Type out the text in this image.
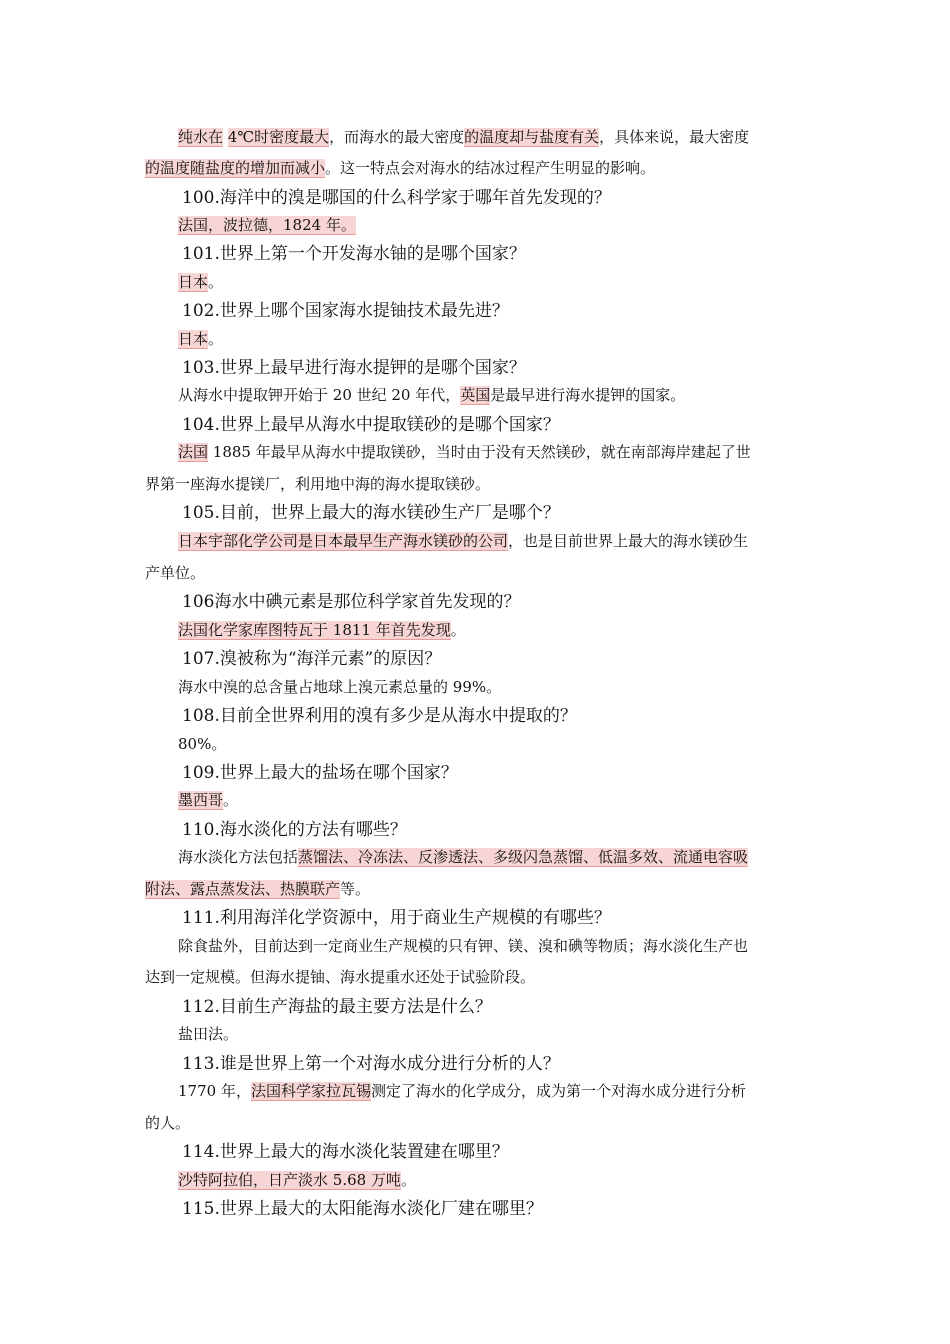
纯水在 4℃时密度最大，而海水的最大密度的温度却与盐度有关，具体来说，最大密度
的温度随盐度的增加而减小。这一特点会对海水的结冰过程产生明显的影响。
100.海洋中的溴是哪国的什么科学家于哪年首先发现的？
法国，波拉德，1824 年。
101.世界上第一个开发海水铀的是哪个国家？
日本。
102.世界上哪个国家海水提铀技术最先进？
日本。
103.世界上最早进行海水提钾的是哪个国家？
从海水中提取钾开始于 20 世纪 20 年代，英国是最早进行海水提钾的国家。
104.世界上最早从海水中提取镁砂的是哪个国家？
法国 1885 年最早从海水中提取镁砂，当时由于没有天然镁砂，就在南部海岸建起了世
界第一座海水提镁厂，利用地中海的海水提取镁砂。
105.目前，世界上最大的海水镁砂生产厂是哪个？
日本宇部化学公司是日本最早生产海水镁砂的公司，也是目前世界上最大的海水镁砂生
产单位。
106海水中碘元素是那位科学家首先发现的？
法国化学家库图特瓦于 1811 年首先发现。
107.溴被称为“海洋元素”的原因？
海水中溴的总含量占地球上溴元素总量的 99%。
108.目前全世界利用的溴有多少是从海水中提取的？
80%。
109.世界上最大的盐场在哪个国家？
墨西哥。
110.海水淡化的方法有哪些？
海水淡化方法包括蒸馏法、冷冻法、反渗透法、多级闪急蒸馏、低温多效、流通电容吸
附法、露点蒸发法、热膜联产等。
111.利用海洋化学资源中，用于商业生产规模的有哪些？
除食盐外，目前达到一定商业生产规模的只有钾、镁、溴和碘等物质；海水淡化生产也
达到一定规模。但海水提铀、海水提重水还处于试验阶段。
112.目前生产海盐的最主要方法是什么？
盐田法。
113.谁是世界上第一个对海水成分进行分析的人？
1770 年，法国科学家拉瓦锡测定了海水的化学成分，成为第一个对海水成分进行分析
的人。
114.世界上最大的海水淡化装置建在哪里？
沙特阿拉伯，日产淡水 5.68 万吨。
115.世界上最大的太阳能海水淡化厂建在哪里？
